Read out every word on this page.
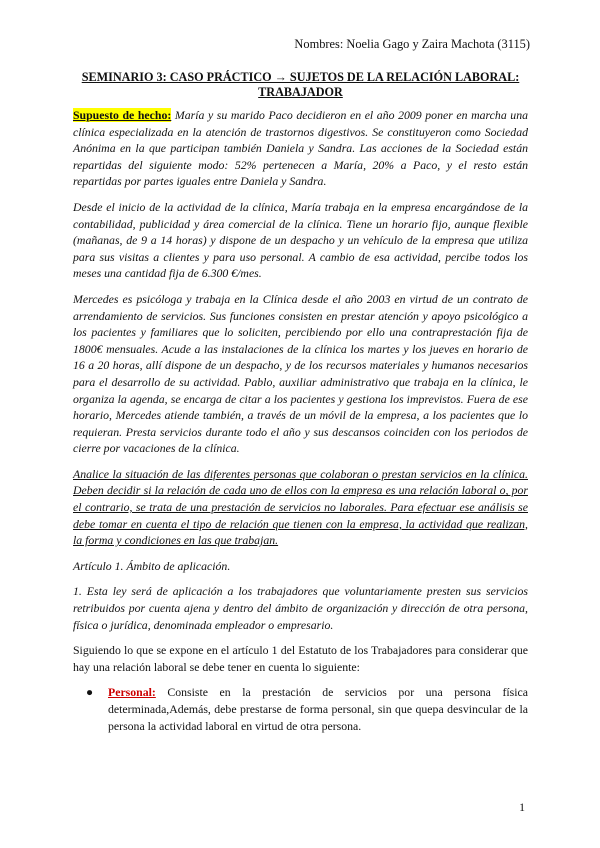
Nombres: Noelia Gago y Zaira Machota (3115)
SEMINARIO 3: CASO PRÁCTICO → SUJETOS DE LA RELACIÓN LABORAL:
TRABAJADOR

Supuesto de hecho: María y su marido Paco decidieron en el año 2009 poner en marcha una clínica especializada en la atención de trastornos digestivos. Se constituyeron como Sociedad Anónima en la que participan también Daniela y Sandra. Las acciones de la Sociedad están repartidas del siguiente modo: 52% pertenecen a María, 20% a Paco, y el resto están repartidas por partes iguales entre Daniela y Sandra.

Desde el inicio de la actividad de la clínica, María trabaja en la empresa encargándose de la contabilidad, publicidad y área comercial de la clínica. Tiene un horario fijo, aunque flexible (mañanas, de 9 a 14 horas) y dispone de un despacho y un vehículo de la empresa que utiliza para sus visitas a clientes y para uso personal. A cambio de esa actividad, percibe todos los meses una cantidad fija de 6.300 €/mes.

Mercedes es psicóloga y trabaja en la Clínica desde el año 2003 en virtud de un contrato de arrendamiento de servicios. Sus funciones consisten en prestar atención y apoyo psicológico a los pacientes y familiares que lo soliciten, percibiendo por ello una contraprestación fija de 1800€ mensuales. Acude a las instalaciones de la clínica los martes y los jueves en horario de 16 a 20 horas, allí dispone de un despacho, y de los recursos materiales y humanos necesarios para el desarrollo de su actividad. Pablo, auxiliar administrativo que trabaja en la clínica, le organiza la agenda, se encarga de citar a los pacientes y gestiona los imprevistos. Fuera de ese horario, Mercedes atiende también, a través de un móvil de la empresa, a los pacientes que lo requieran. Presta servicios durante todo el año y sus descansos coinciden con los periodos de cierre por vacaciones de la clínica.

Analice la situación de las diferentes personas que colaboran o prestan servicios en la clínica. Deben decidir si la relación de cada uno de ellos con la empresa es una relación laboral o, por el contrario, se trata de una prestación de servicios no laborales. Para efectuar ese análisis se debe tomar en cuenta el tipo de relación que tienen con la empresa, la actividad que realizan, la forma y condiciones en las que trabajan.

Artículo 1. Ámbito de aplicación.

1. Esta ley será de aplicación a los trabajadores que voluntariamente presten sus servicios retribuidos por cuenta ajena y dentro del ámbito de organización y dirección de otra persona, física o jurídica, denominada empleador o empresario.

Siguiendo lo que se expone en el artículo 1 del Estatuto de los Trabajadores para considerar que hay una relación laboral se debe tener en cuenta lo siguiente:

● Personal: Consiste en la prestación de servicios por una persona física determinada,Además, debe prestarse de forma personal, sin que quepa desvincular de la persona la actividad laboral en virtud de otra persona.
1
